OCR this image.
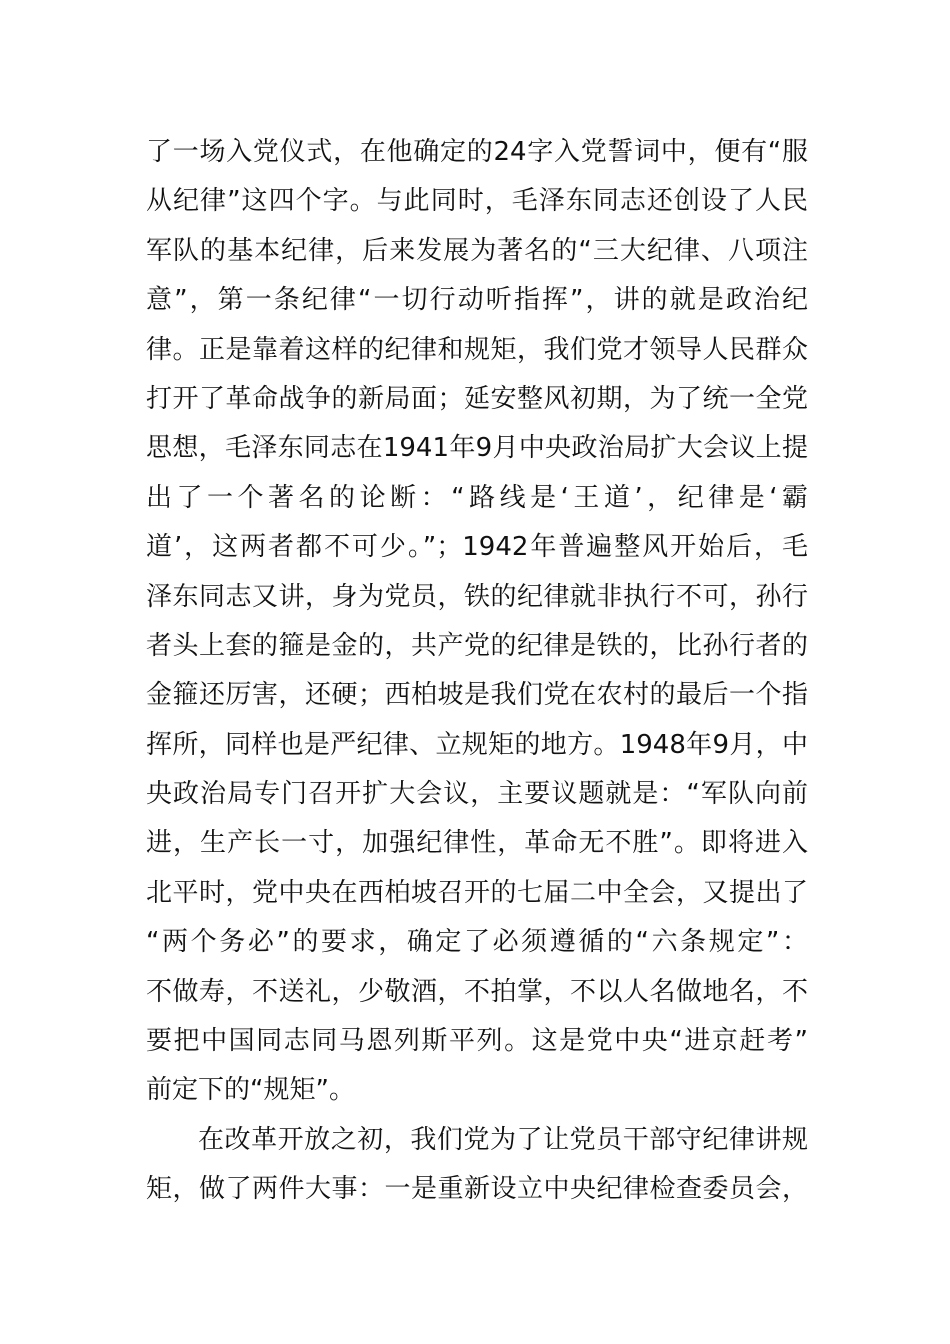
了一场入党仪式，在他确定的24字入党誓词中，便有“服
从纪律”这四个字。与此同时，毛泽东同志还创设了人民
军队的基本纪律，后来发展为著名的“三大纪律、八项注
意”，第一条纪律“一切行动听指挥”，讲的就是政治纪
律。正是靠着这样的纪律和规矩，我们党才领导人民群众
打开了革命战争的新局面；延安整风初期，为了统一全党
思想，毛泽东同志在1941年9月中央政治局扩大会议上提
出了一个著名的论断：“路线是‘王道’，纪律是‘霸
道’，这两者都不可少。”；1942年普遍整风开始后，毛
泽东同志又讲，身为党员，铁的纪律就非执行不可，孙行
者头上套的箍是金的，共产党的纪律是铁的，比孙行者的
金箍还厉害，还硬；西柏坡是我们党在农村的最后一个指
挥所，同样也是严纪律、立规矩的地方。1948年9月，中
央政治局专门召开扩大会议，主要议题就是：“军队向前
进，生产长一寸，加强纪律性，革命无不胜”。即将进入
北平时，党中央在西柏坡召开的七届二中全会，又提出了
“两个务必”的要求，确定了必须遵循的“六条规定”：
不做寿，不送礼，少敬酒，不拍掌，不以人名做地名，不
要把中国同志同马恩列斯平列。这是党中央“进京赶考”
前定下的“规矩”。
在改革开放之初，我们党为了让党员干部守纪律讲规
矩，做了两件大事：一是重新设立中央纪律检查委员会，
